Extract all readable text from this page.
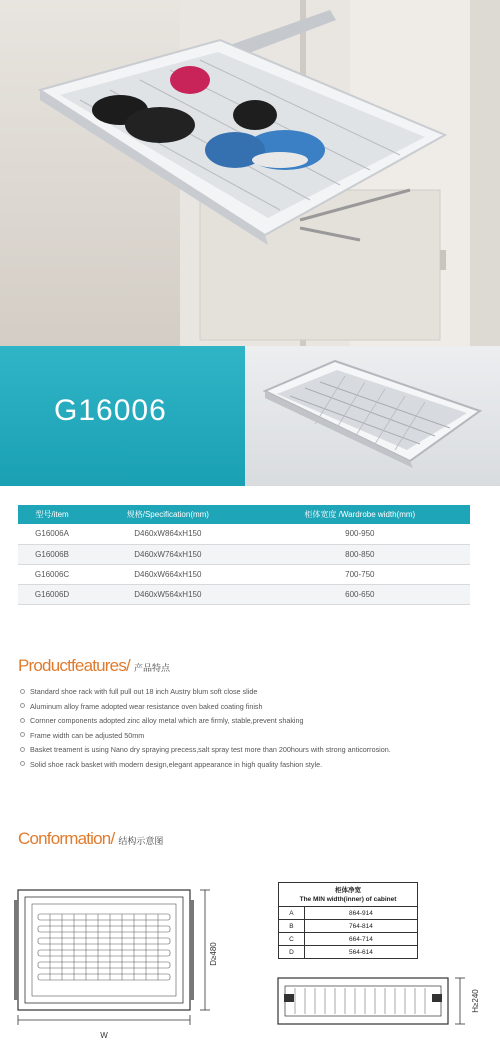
G16006
型号/item	规格/Specification(mm)	柜体宽度 /Wardrobe width(mm)
G16006A	D460xW864xH150	900-950
G16006B	D460xW764xH150	800-850
G16006C	D460xW664xH150	700-750
G16006D	D460xW564xH150	600-650
Productfeatures/ 产品特点
Standard shoe rack with full pull out 18 inch Austry blum soft close slide
Aluminum alloy frame adopted wear resistance oven baked coating finish
Cornner components adopted zinc alloy metal which are firmly, stable,prevent shaking
Frame width can be adjusted 50mm
Basket treament is using Nano dry spraying precess,salt spray test more than 200hours with strong anticorrosion.
Solid shoe rack basket with modern design,elegant appearance in high quality fashion style.
Conformation/ 结构示意图
D≥480
W
H≥240
柜体净宽
The MIN width(inner) of cabinet	
A	864-914
B	764-814
C	664-714
D	564-614
